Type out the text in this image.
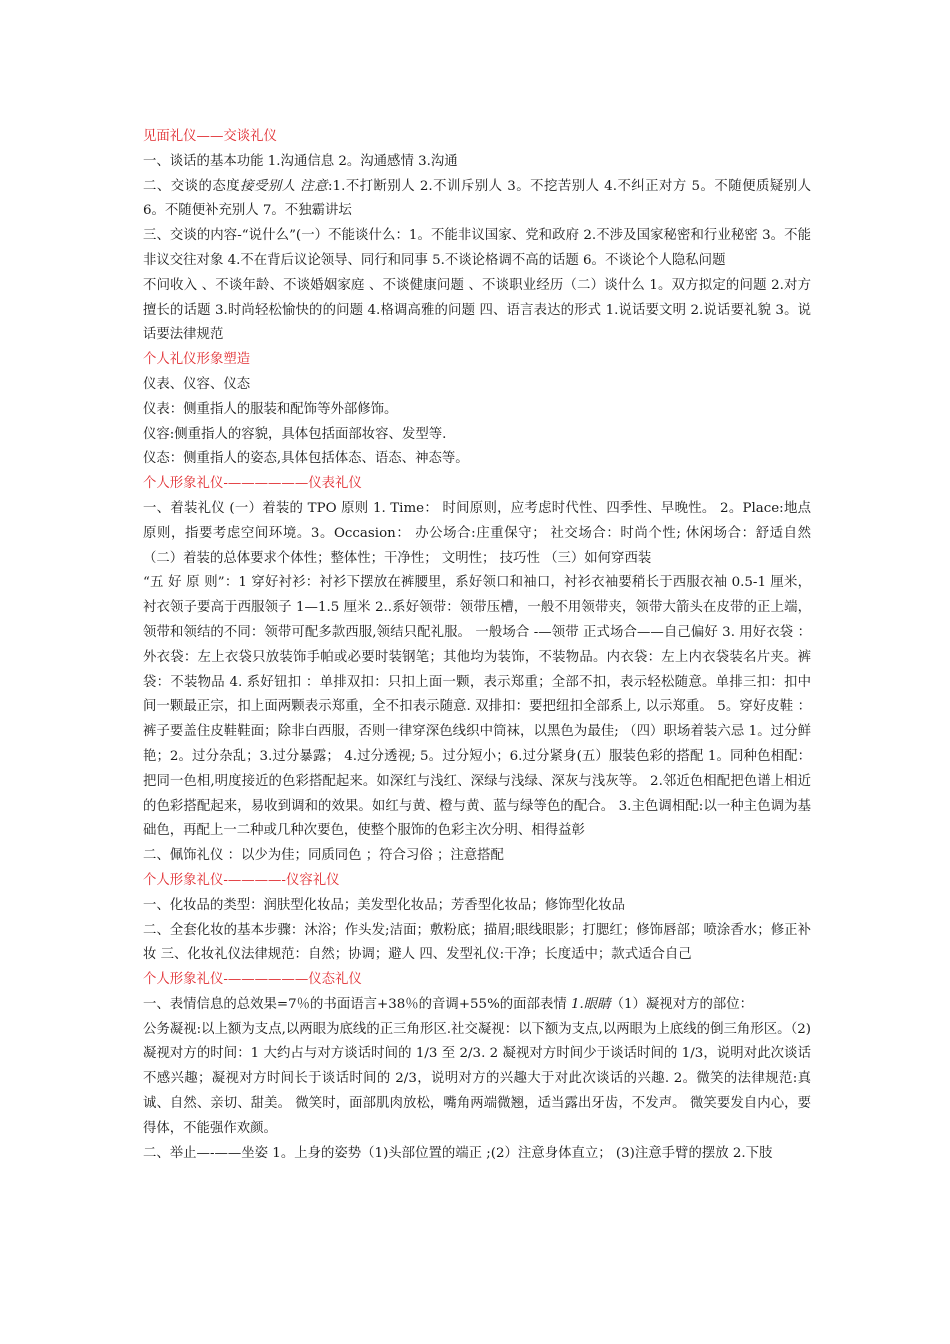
见面礼仪——交谈礼仪

一、谈话的基本功能 1.沟通信息 2。沟通感情 3.沟通

二、交谈的态度接受别人 注意:1.不打断别人 2.不训斥别人 3。不挖苦别人 4.不纠正对方 5。不随便质疑别人 6。不随便补充别人 7。不独霸讲坛

三、交谈的内容-“说什么”(一）不能谈什么：1。不能非议国家、党和政府 2.不涉及国家秘密和行业秘密 3。不能非议交往对象 4.不在背后议论领导、同行和同事 5.不谈论格调不高的话题 6。不谈论个人隐私问题

不问收入 、不谈年龄、不谈婚姻家庭 、不谈健康问题 、不谈职业经历（二）谈什么 1。双方拟定的问题 2.对方擅长的话题 3.时尚轻松愉快的的问题 4.格调高雅的问题 四、语言表达的形式 1.说话要文明 2.说话要礼貌 3。说话要法律规范

个人礼仪形象塑造

仪表、仪容、仪态

仪表：侧重指人的服装和配饰等外部修饰。

仪容:侧重指人的容貌，具体包括面部妆容、发型等.

仪态：侧重指人的姿态,具体包括体态、语态、神态等。

个人形象礼仪-——————仪表礼仪

一、着装礼仪 (一）着装的 TPO 原则 1. Time： 时间原则，应考虑时代性、四季性、早晚性。 2。Place:地点原则，指要考虑空间环境。3。Occasion： 办公场合:庄重保守； 社交场合：时尚个性; 休闲场合：舒适自然（二）着装的总体要求个体性；整体性；干净性； 文明性； 技巧性 （三）如何穿西装

“五 好 原 则”：1 穿好衬衫：衬衫下摆放在裤腰里，系好领口和袖口，衬衫衣袖要稍长于西服衣袖 0.5-1 厘米，衬衣领子要高于西服领子 1—1.5 厘米 2..系好领带：领带压槽，一般不用领带夹，领带大箭头在皮带的正上端，领带和领结的不同：领带可配多款西服,领结只配礼服。 一般场合 -—领带 正式场合——自己偏好 3. 用好衣袋 ：外衣袋：左上衣袋只放装饰手帕或必要时装钢笔；其他均为装饰，不装物品。内衣袋：左上内衣袋装名片夹。裤袋：不装物品 4. 系好钮扣 ：单排双扣：只扣上面一颗，表示郑重；全部不扣，表示轻松随意。单排三扣：扣中间一颗最正宗，扣上面两颗表示郑重，全不扣表示随意. 双排扣：要把纽扣全部系上, 以示郑重。 5。穿好皮鞋 ：裤子要盖住皮鞋鞋面；除非白西服，否则一律穿深色线织中筒袜，以黑色为最佳; （四）职场着装六忌 1。过分鲜艳；2。过分杂乱；3.过分暴露； 4.过分透视; 5。过分短小；6.过分紧身(五）服装色彩的搭配 1。同种色相配：把同一色相,明度接近的色彩搭配起来。如深红与浅红、深绿与浅绿、深灰与浅灰等。 2.邻近色相配把色谱上相近的色彩搭配起来，易收到调和的效果。如红与黄、橙与黄、蓝与绿等色的配合。 3.主色调相配:以一种主色调为基础色，再配上一二种或几种次要色，使整个服饰的色彩主次分明、相得益彰

二、佩饰礼仪 ：以少为佳；同质同色 ；符合习俗 ；注意搭配

个人形象礼仪-————-仪容礼仪

一、化妆品的类型：润肤型化妆品；美发型化妆品；芳香型化妆品；修饰型化妆品

二、全套化妆的基本步骤：沐浴；作头发;洁面；敷粉底；描眉;眼线眼影；打腮红；修饰唇部；喷涂香水；修正补妆 三、化妆礼仪法律规范：自然；协调；避人 四、发型礼仪:干净；长度适中；款式适合自己

个人形象礼仪-——————仪态礼仪

一、表情信息的总效果=7％的书面语言+38％的音调+55%的面部表情 1.眼睛（1）凝视对方的部位：

公务凝视:以上额为支点,以两眼为底线的正三角形区.社交凝视：以下额为支点,以两眼为上底线的倒三角形区。（2)凝视对方的时间：1 大约占与对方谈话时间的 1/3 至 2/3. 2 凝视对方时间少于谈话时间的 1/3，说明对此次谈话不感兴趣；凝视对方时间长于谈话时间的 2/3，说明对方的兴趣大于对此次谈话的兴趣. 2。微笑的法律规范:真诚、自然、亲切、甜美。 微笑时，面部肌肉放松，嘴角两端微翘，适当露出牙齿，不发声。 微笑要发自内心，要得体，不能强作欢颜。

二、举止—-——坐姿 1。上身的姿势（1)头部位置的端正 ;(2）注意身体直立； (3)注意手臂的摆放 2.下肢
